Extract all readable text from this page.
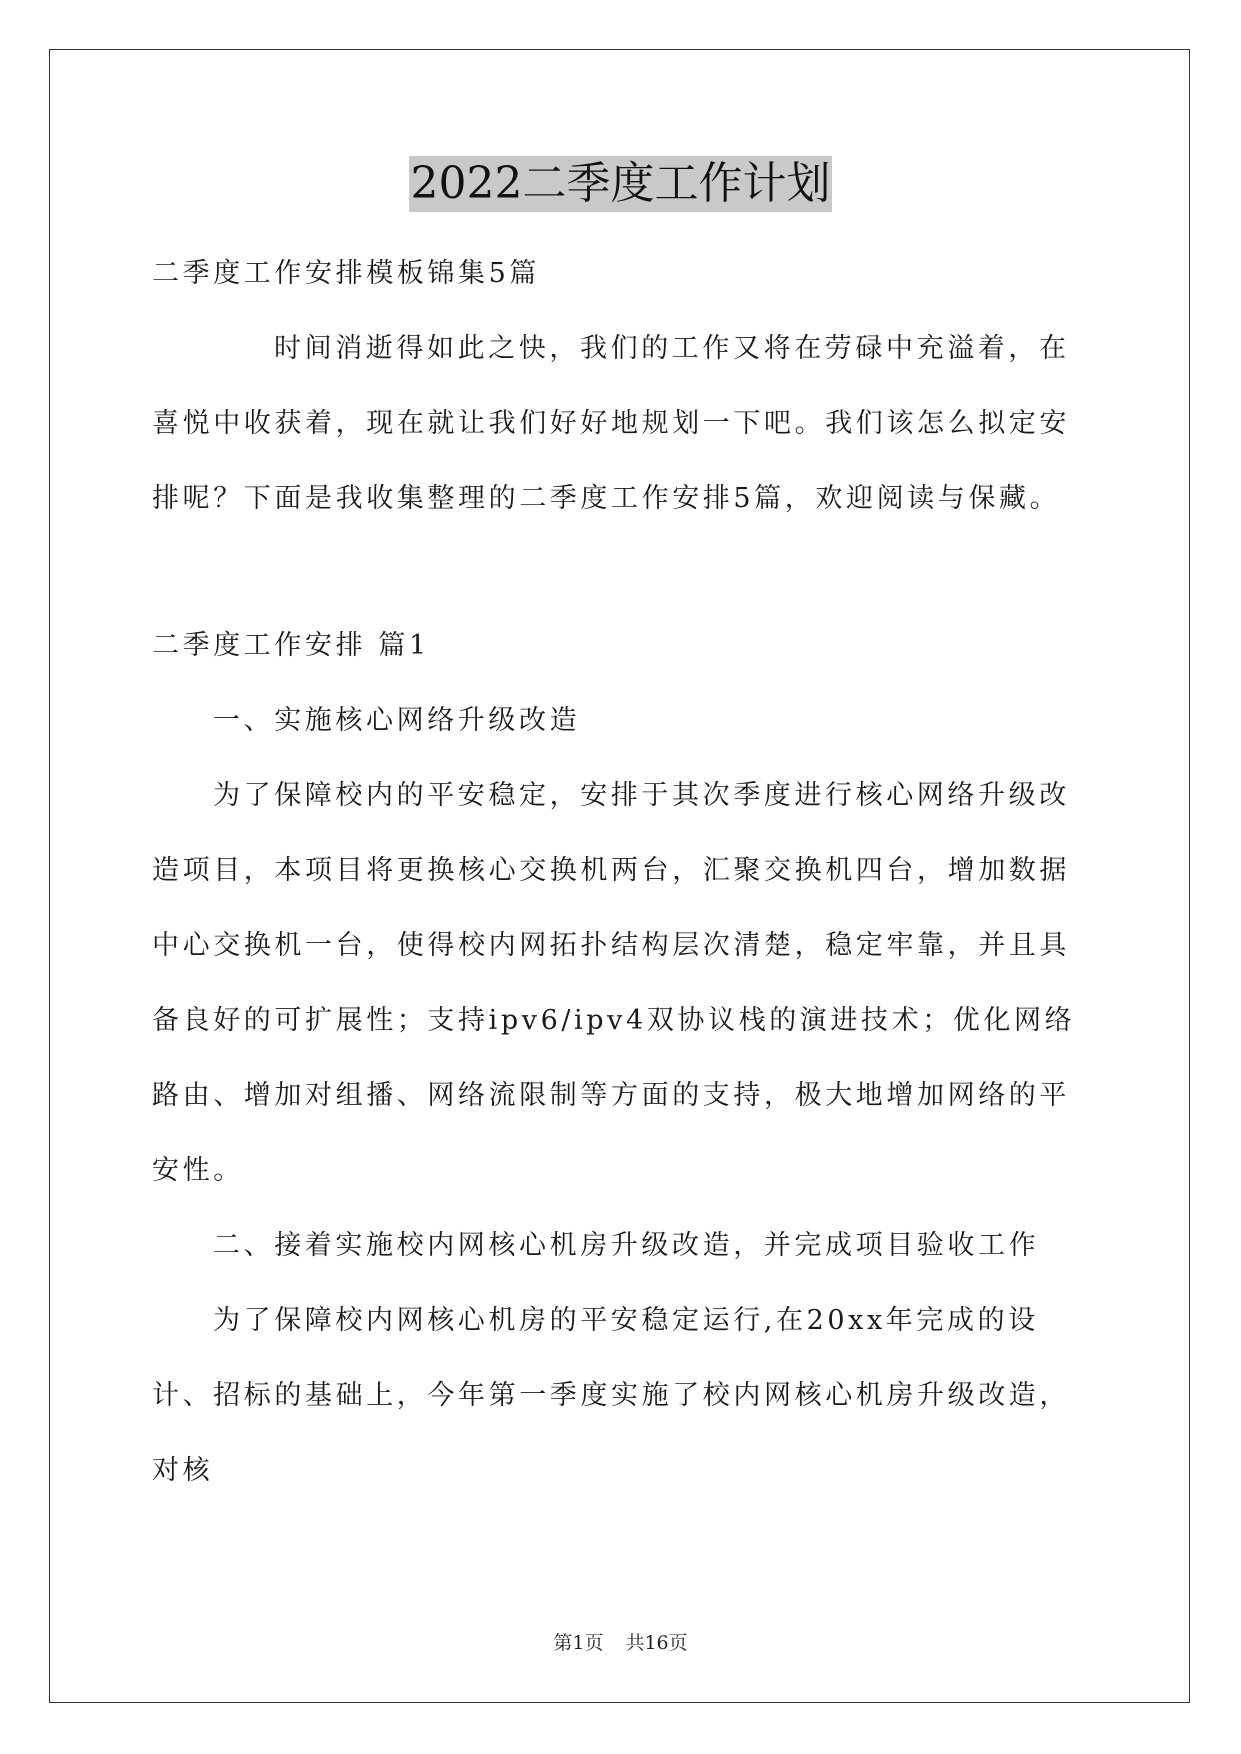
2022二季度工作计划

二季度工作安排模板锦集5篇

时间消逝得如此之快，我们的工作又将在劳碌中充溢着，在喜悦中收获着，现在就让我们好好地规划一下吧。我们该怎么拟定安排呢？下面是我收集整理的二季度工作安排5篇，欢迎阅读与保藏。

二季度工作安排 篇1

一、实施核心网络升级改造

为了保障校内的平安稳定，安排于其次季度进行核心网络升级改造项目，本项目将更换核心交换机两台，汇聚交换机四台，增加数据中心交换机一台，使得校内网拓扑结构层次清楚，稳定牢靠，并且具备良好的可扩展性；支持ipv6/ipv4双协议栈的演进技术；优化网络路由、增加对组播、网络流限制等方面的支持，极大地增加网络的平安性。

二、接着实施校内网核心机房升级改造，并完成项目验收工作

为了保障校内网核心机房的平安稳定运行,在20xx年完成的设计、招标的基础上，今年第一季度实施了校内网核心机房升级改造，对核

第1页 共16页
